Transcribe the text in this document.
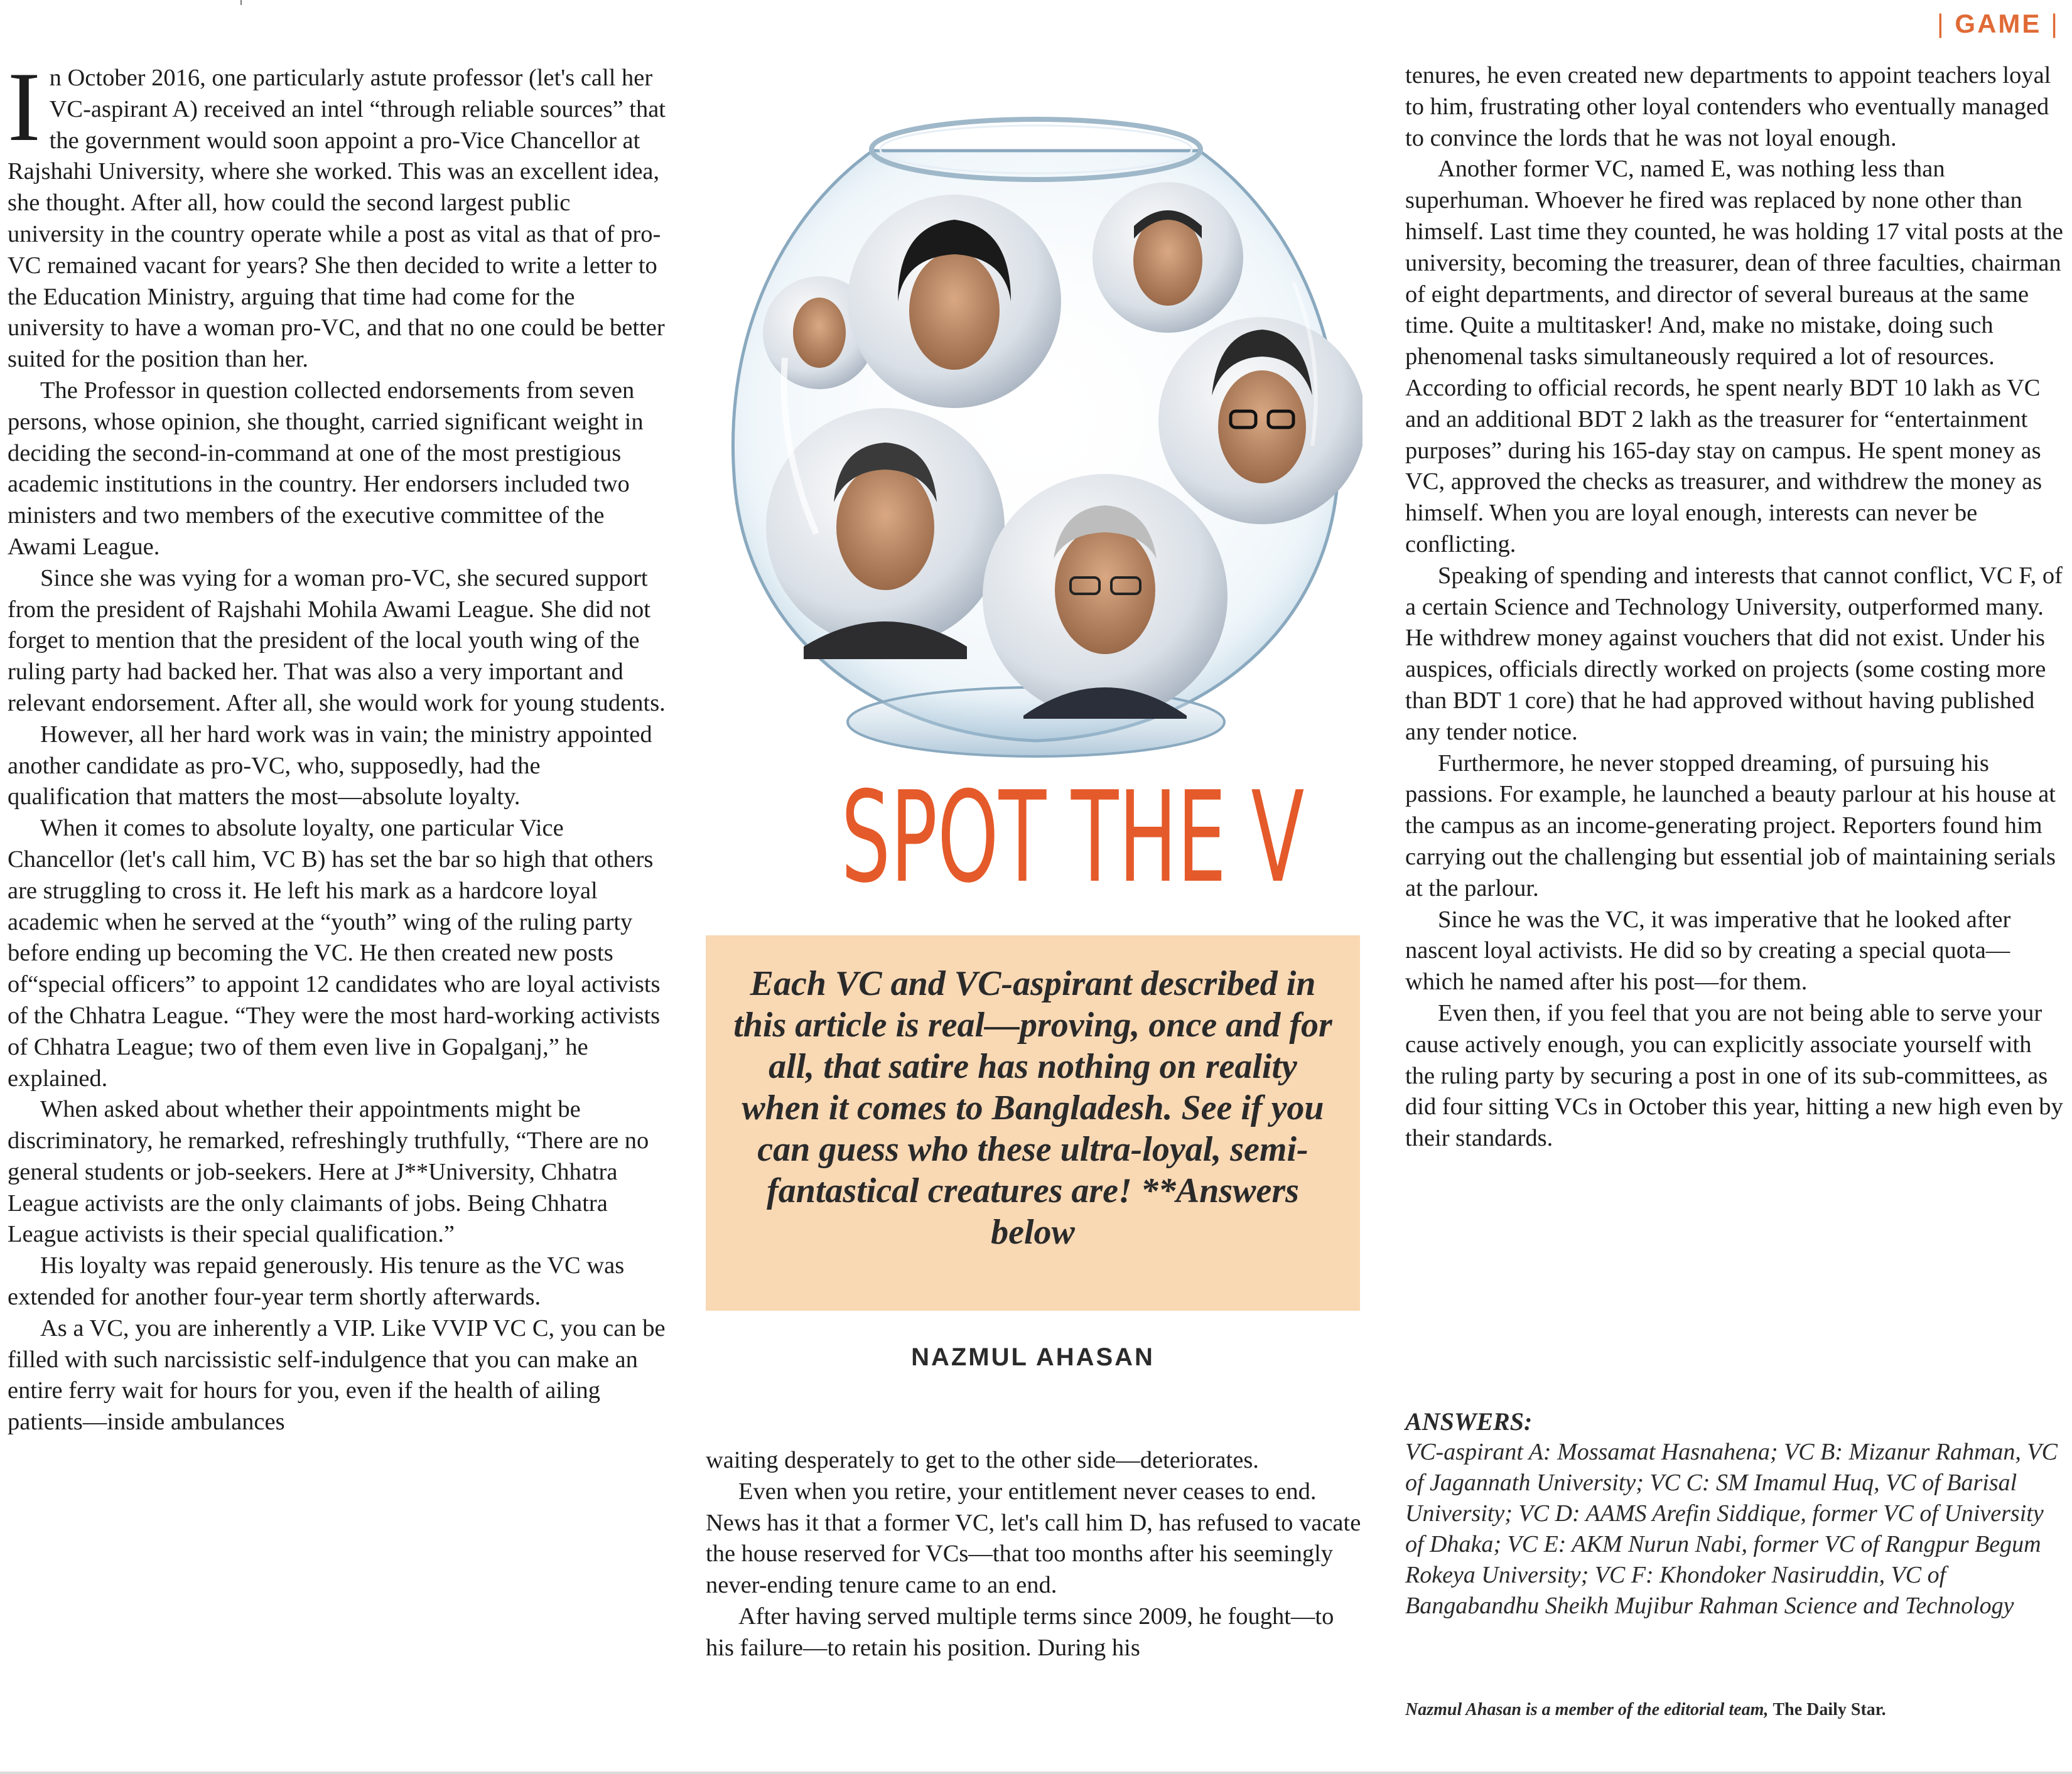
| GAME |

In October 2016, one particularly astute professor (let's call her VC-aspirant A) received an intel “through reliable sources” that the government would soon appoint a pro-Vice Chancellor at Rajshahi University, where she worked. This was an excellent idea, she thought. After all, how could the second largest public university in the country operate while a post as vital as that of pro-VC remained vacant for years? She then decided to write a letter to the Education Ministry, arguing that time had come for the university to have a woman pro-VC, and that no one could be better suited for the position than her.

The Professor in question collected endorsements from seven persons, whose opinion, she thought, carried significant weight in deciding the second-in-command at one of the most prestigious academic institutions in the country. Her endorsers included two ministers and two members of the executive committee of the Awami League.

Since she was vying for a woman pro-VC, she secured support from the president of Rajshahi Mohila Awami League. She did not forget to mention that the president of the local youth wing of the ruling party had backed her. That was also a very important and relevant endorsement. After all, she would work for young students.

However, all her hard work was in vain; the ministry appointed another candidate as pro-VC, who, supposedly, had the qualification that matters the most—absolute loyalty.

When it comes to absolute loyalty, one particular Vice Chancellor (let's call him, VC B) has set the bar so high that others are struggling to cross it. He left his mark as a hardcore loyal academic when he served at the “youth” wing of the ruling party before ending up becoming the VC. He then created new posts of“special officers” to appoint 12 candidates who are loyal activists of the Chhatra League. “They were the most hard-working activists of Chhatra League; two of them even live in Gopalganj,” he explained.

When asked about whether their appointments might be discriminatory, he remarked, refreshingly truthfully, “There are no general students or job-seekers. Here at J**University, Chhatra League activists are the only claimants of jobs. Being Chhatra League activists is their special qualification.”

His loyalty was repaid generously. His tenure as the VC was extended for another four-year term shortly afterwards.

As a VC, you are inherently a VIP. Like VVIP VC C, you can be filled with such narcissistic self-indulgence that you can make an entire ferry wait for hours for you, even if the health of ailing patients—inside ambulances

SPOT THE V
Each VC and VC-aspirant described in this article is real—proving, once and for all, that satire has nothing on reality when it comes to Bangladesh. See if you can guess who these ultra-loyal, semi-fantastical creatures are! **Answers below
NAZMUL AHASAN

waiting desperately to get to the other side—deteriorates.

Even when you retire, your entitlement never ceases to end. News has it that a former VC, let's call him D, has refused to vacate the house reserved for VCs—that too months after his seemingly never-ending tenure came to an end.

After having served multiple terms since 2009, he fought—to his failure—to retain his position. During his

tenures, he even created new departments to appoint teachers loyal to him, frustrating other loyal contenders who eventually managed to convince the lords that he was not loyal enough.

Another former VC, named E, was nothing less than superhuman. Whoever he fired was replaced by none other than himself. Last time they counted, he was holding 17 vital posts at the university, becoming the treasurer, dean of three faculties, chairman of eight departments, and director of several bureaus at the same time. Quite a multitasker! And, make no mistake, doing such phenomenal tasks simultaneously required a lot of resources. According to official records, he spent nearly BDT 10 lakh as VC and an additional BDT 2 lakh as the treasurer for “entertainment purposes” during his 165-day stay on campus. He spent money as VC, approved the checks as treasurer, and withdrew the money as himself. When you are loyal enough, interests can never be conflicting.

Speaking of spending and interests that cannot conflict, VC F, of a certain Science and Technology University, outperformed many. He withdrew money against vouchers that did not exist. Under his auspices, officials directly worked on projects (some costing more than BDT 1 core) that he had approved without having published any tender notice.

Furthermore, he never stopped dreaming, of pursuing his passions. For example, he launched a beauty parlour at his house at the campus as an income-generating project. Reporters found him carrying out the challenging but essential job of maintaining serials at the parlour.

Since he was the VC, it was imperative that he looked after nascent loyal activists. He did so by creating a special quota—which he named after his post—for them.

Even then, if you feel that you are not being able to serve your cause actively enough, you can explicitly associate yourself with the ruling party by securing a post in one of its sub-committees, as did four sitting VCs in October this year, hitting a new high even by their standards.

ANSWERS:
VC-aspirant A: Mossamat Hasnahena; VC B: Mizanur Rahman, VC of Jagannath University; VC C: SM Imamul Huq, VC of Barisal University; VC D: AAMS Arefin Siddique, former VC of University of Dhaka; VC E: AKM Nurun Nabi, former VC of Rangpur Begum Rokeya University; VC F: Khondoker Nasiruddin, VC of Bangabandhu Sheikh Mujibur Rahman Science and Technology
Nazmul Ahasan is a member of the editorial team, The Daily Star.
